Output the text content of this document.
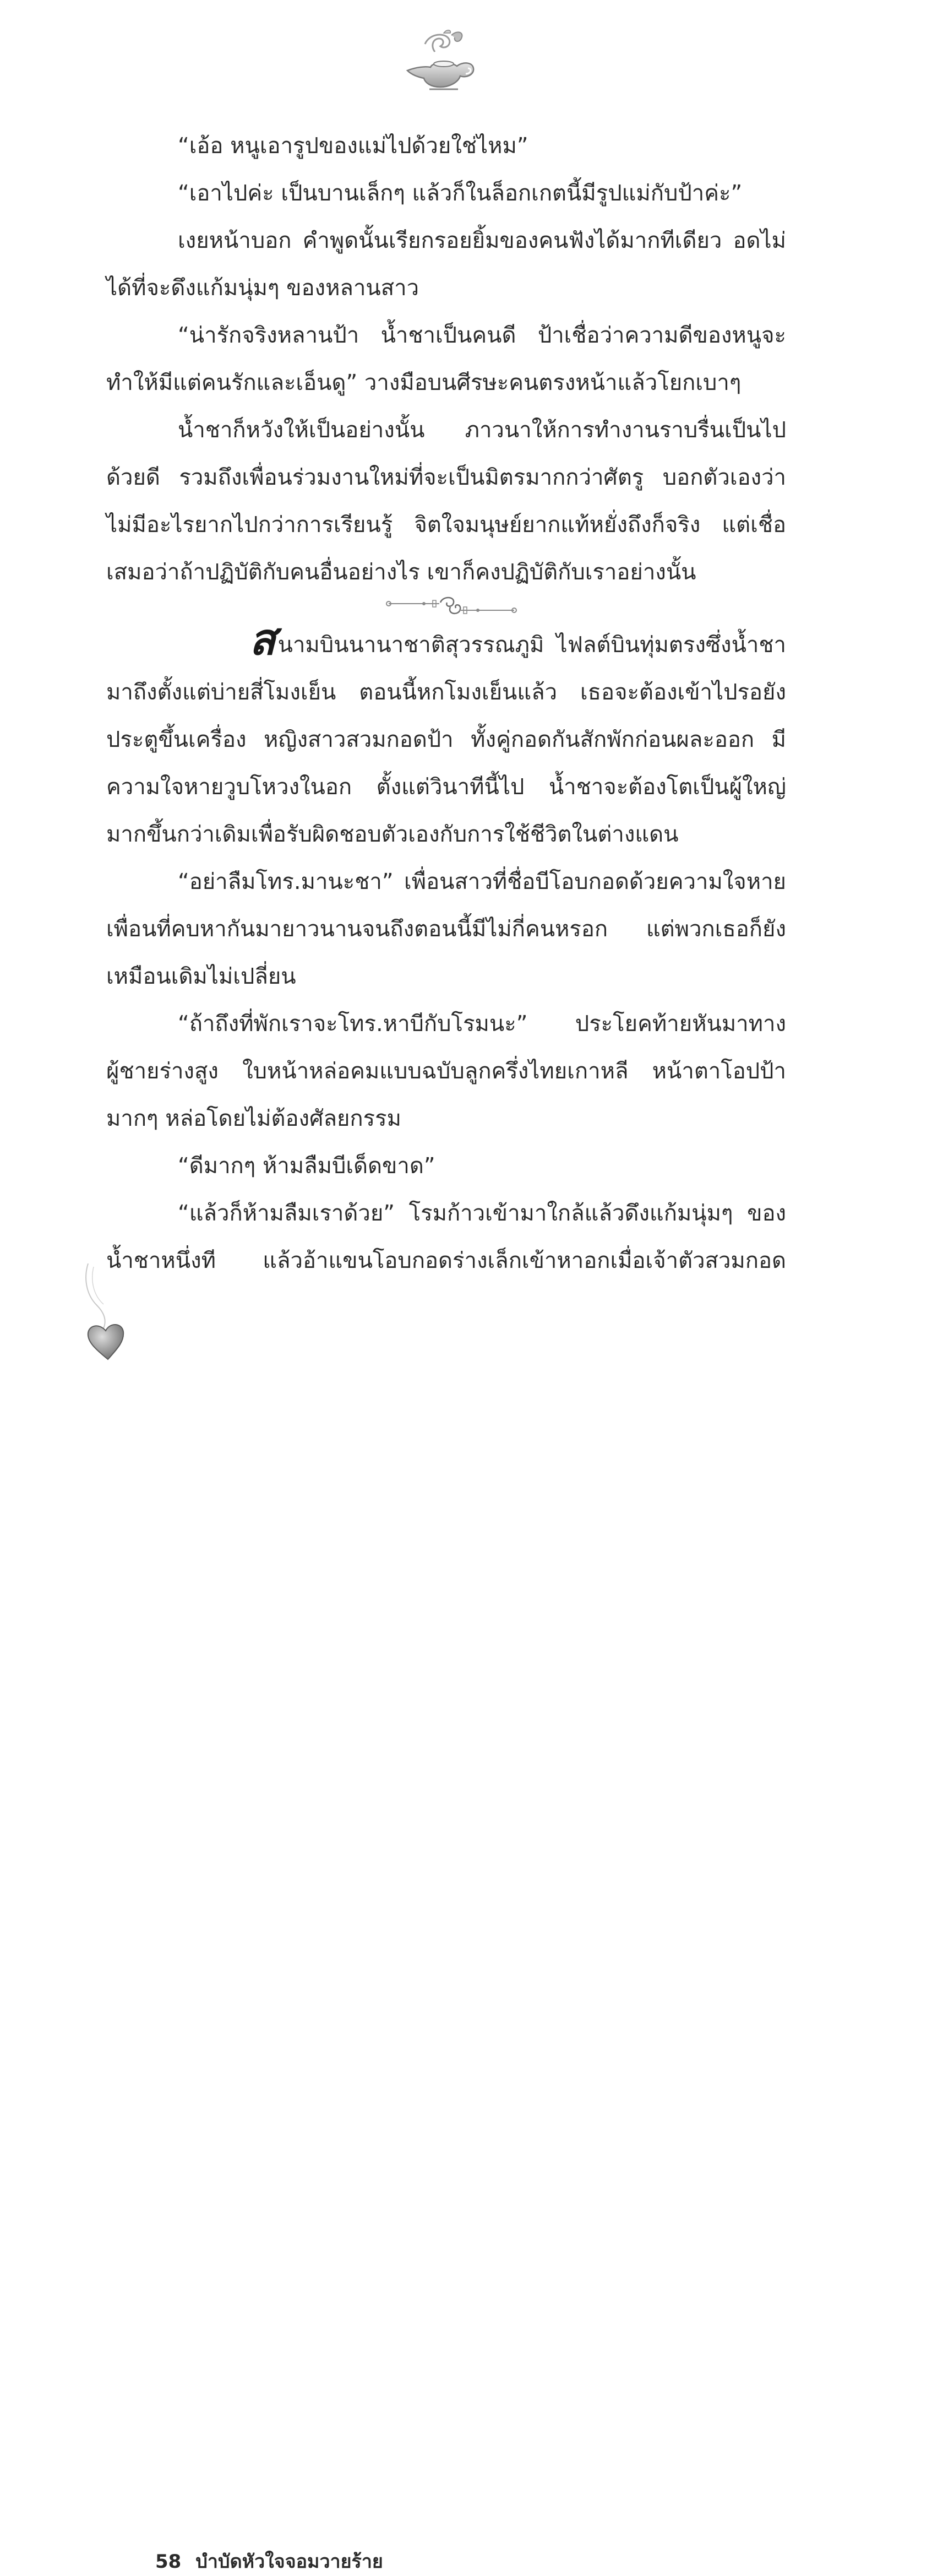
“เอ้อ หนูเอารูปของแม่ไปด้วยใช่ไหม”

“เอาไปค่ะ เป็นบานเล็กๆ แล้วก็ในล็อกเกตนี้มีรูปแม่กับป้าค่ะ”

เงยหน้าบอก คำพูดนั้นเรียกรอยยิ้มของคนฟังได้มากทีเดียว อดไม่ได้ที่จะดึงแก้มนุ่มๆ ของหลานสาว

“น่ารักจริงหลานป้า น้ำชาเป็นคนดี ป้าเชื่อว่าความดีของหนูจะทำให้มีแต่คนรักและเอ็นดู” วางมือบนศีรษะคนตรงหน้าแล้วโยกเบาๆ

น้ำชาก็หวังให้เป็นอย่างนั้น ภาวนาให้การทำงานราบรื่นเป็นไปด้วยดี รวมถึงเพื่อนร่วมงานใหม่ที่จะเป็นมิตรมากกว่าศัตรู บอกตัวเองว่าไม่มีอะไรยากไปกว่าการเรียนรู้ จิตใจมนุษย์ยากแท้หยั่งถึงก็จริง แต่เชื่อเสมอว่าถ้าปฏิบัติกับคนอื่นอย่างไร เขาก็คงปฏิบัติกับเราอย่างนั้น

สนามบินนานาชาติสุวรรณภูมิ ไฟลต์บินทุ่มตรงซึ่งน้ำชามาถึงตั้งแต่บ่ายสี่โมงเย็น ตอนนี้หกโมงเย็นแล้ว เธอจะต้องเข้าไปรอยังประตูขึ้นเครื่อง หญิงสาวสวมกอดป้า ทั้งคู่กอดกันสักพักก่อนผละออก มีความใจหายวูบโหวงในอก ตั้งแต่วินาทีนี้ไป น้ำชาจะต้องโตเป็นผู้ใหญ่มากขึ้นกว่าเดิมเพื่อรับผิดชอบตัวเองกับการใช้ชีวิตในต่างแดน

“อย่าลืมโทร.มานะชา” เพื่อนสาวที่ชื่อบีโอบกอดด้วยความใจหาย เพื่อนที่คบหากันมายาวนานจนถึงตอนนี้มีไม่กี่คนหรอก แต่พวกเธอก็ยังเหมือนเดิมไม่เปลี่ยน

“ถ้าถึงที่พักเราจะโทร.หาบีกับโรมนะ” ประโยคท้ายหันมาทางผู้ชายร่างสูง ใบหน้าหล่อคมแบบฉบับลูกครึ่งไทยเกาหลี หน้าตาโอปป้ามากๆ หล่อโดยไม่ต้องศัลยกรรม

“ดีมากๆ ห้ามลืมบีเด็ดขาด”

“แล้วก็ห้ามลืมเราด้วย” โรมก้าวเข้ามาใกล้แล้วดึงแก้มนุ่มๆ ของน้ำชาหนึ่งที แล้วอ้าแขนโอบกอดร่างเล็กเข้าหาอกเมื่อเจ้าตัวสวมกอด

58 บำบัดหัวใจจอมวายร้าย
